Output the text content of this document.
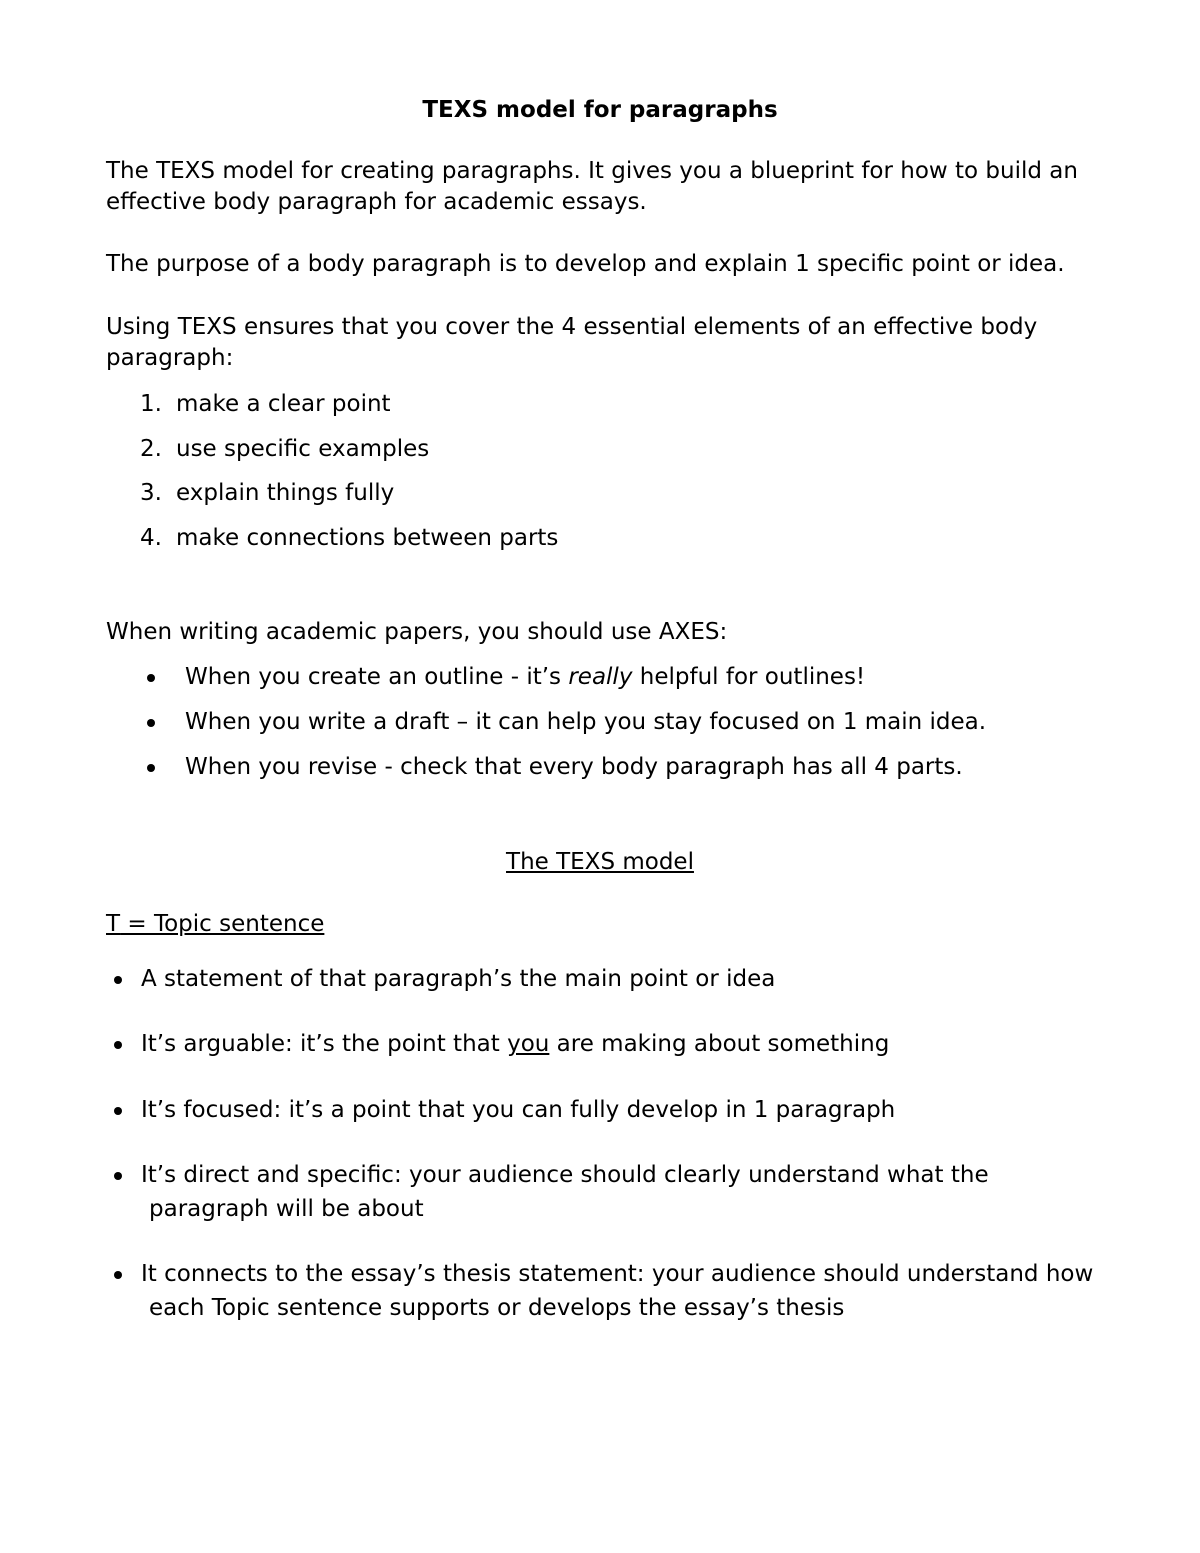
TEXS model for paragraphs
The TEXS model for creating paragraphs. It gives you a blueprint for how to build an
effective body paragraph for academic essays.
The purpose of a body paragraph is to develop and explain 1 specific point or idea.
Using TEXS ensures that you cover the 4 essential elements of an effective body
paragraph:
1. make a clear point
2. use specific examples
3. explain things fully
4. make connections between parts
When writing academic papers, you should use AXES:
When you create an outline - it’s really helpful for outlines!
When you write a draft – it can help you stay focused on 1 main idea.
When you revise - check that every body paragraph has all 4 parts.
The TEXS model
T = Topic sentence
A statement of that paragraph’s the main point or idea
It’s arguable: it’s the point that you are making about something
It’s focused: it’s a point that you can fully develop in 1 paragraph
It’s direct and specific: your audience should clearly understand what the
paragraph will be about
It connects to the essay’s thesis statement: your audience should understand how
each Topic sentence supports or develops the essay’s thesis
